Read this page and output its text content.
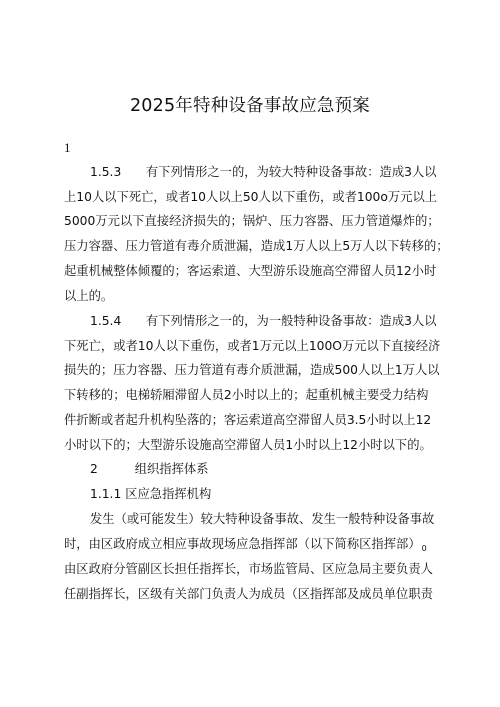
2025年特种设备事故应急预案
1
1.5.3　　有下列情形之一的，为较大特种设备事故：造成3人以
上10人以下死亡，或者10人以上50人以下重伤，或者100o万元以上
5000万元以下直接经济损失的；锅炉、压力容器、压力管道爆炸的；
压力容器、压力管道有毒介质泄漏，造成1万人以上5万人以下转移的；
起重机械整体倾覆的；客运索道、大型游乐设施高空滞留人员12小时
以上的。
1.5.4　　有下列情形之一的，为一般特种设备事故：造成3人以
下死亡，或者10人以下重伤，或者1万元以上100O万元以下直接经济
损失的；压力容器、压力管道有毒介质泄漏，造成500人以上1万人以
下转移的；电梯轿厢滞留人员2小时以上的；起重机械主要受力结构
件折断或者起升机构坠落的；客运索道高空滞留人员3.5小时以上12
小时以下的；大型游乐设施高空滞留人员1小时以上12小时以下的。
2　　　组织指挥体系
1.1.1 区应急指挥机构
发生（或可能发生）较大特种设备事故、发生一般特种设备事故
时，由区政府成立相应事故现场应急指挥部（以下简称区指挥部）$_0$
由区政府分管副区长担任指挥长，市场监管局、区应急局主要负责人
任副指挥长，区级有关部门负责人为成员（区指挥部及成员单位职责
